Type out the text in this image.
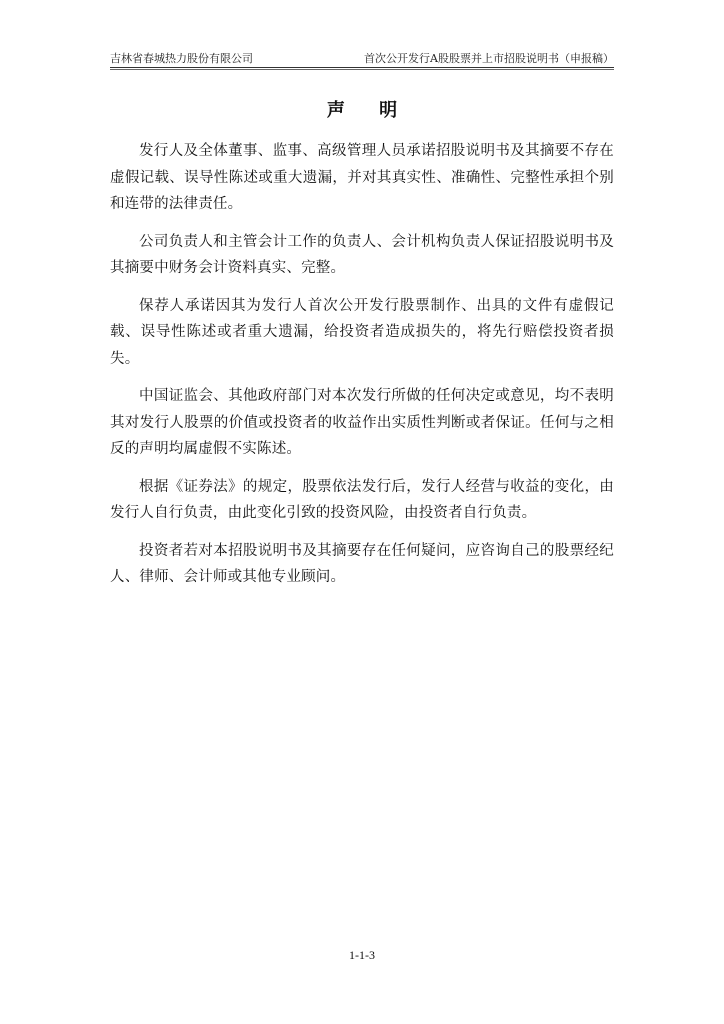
吉林省春城热力股份有限公司	首次公开发行A股股票并上市招股说明书（申报稿）
声 明

发行人及全体董事、监事、高级管理人员承诺招股说明书及其摘要不存在虚假记载、误导性陈述或重大遗漏，并对其真实性、准确性、完整性承担个别和连带的法律责任。

公司负责人和主管会计工作的负责人、会计机构负责人保证招股说明书及其摘要中财务会计资料真实、完整。

保荐人承诺因其为发行人首次公开发行股票制作、出具的文件有虚假记载、误导性陈述或者重大遗漏，给投资者造成损失的，将先行赔偿投资者损失。

中国证监会、其他政府部门对本次发行所做的任何决定或意见，均不表明其对发行人股票的价值或投资者的收益作出实质性判断或者保证。任何与之相反的声明均属虚假不实陈述。

根据《证券法》的规定，股票依法发行后，发行人经营与收益的变化，由发行人自行负责，由此变化引致的投资风险，由投资者自行负责。

投资者若对本招股说明书及其摘要存在任何疑问，应咨询自己的股票经纪人、律师、会计师或其他专业顾问。

1-1-3
